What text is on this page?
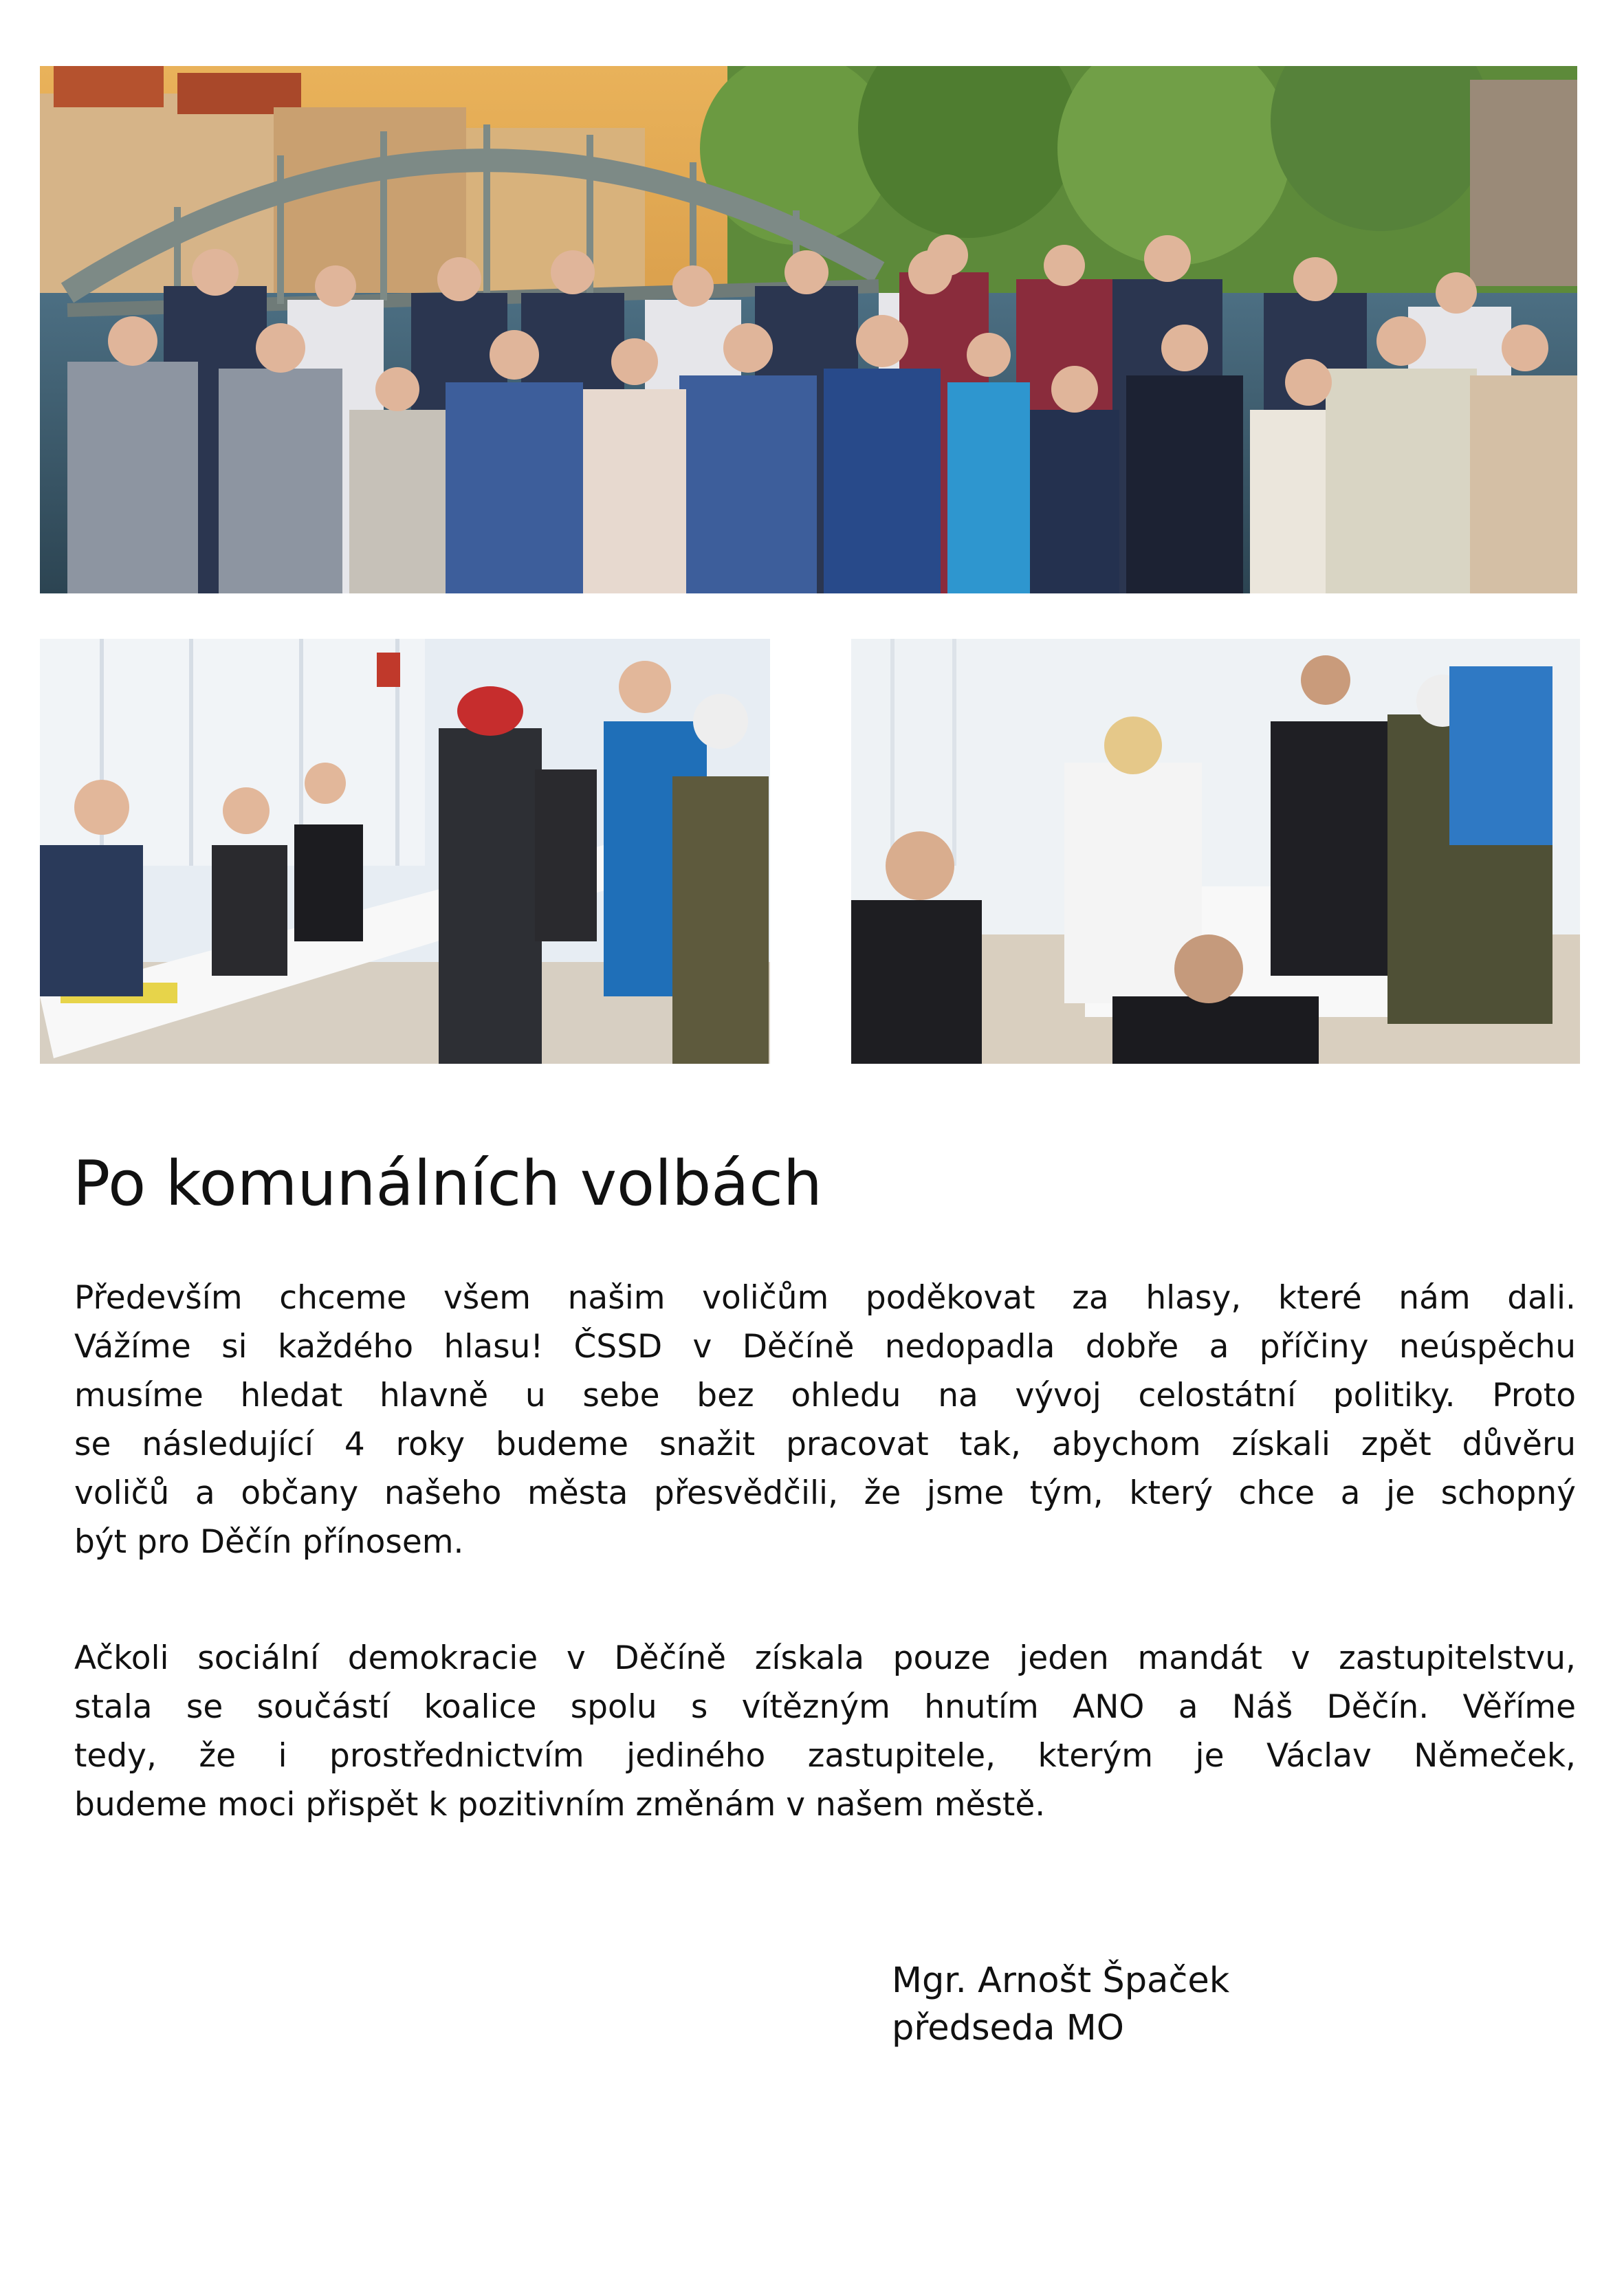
Po komunálních volbách

Především chceme všem našim voličům poděkovat za hlasy, které nám dali.
Vážíme si každého hlasu! ČSSD v Děčíně nedopadla dobře a příčiny neúspěchu
musíme hledat hlavně u sebe bez ohledu na vývoj celostátní politiky. Proto
se následující 4 roky budeme snažit pracovat tak, abychom získali zpět důvěru
voličů a občany našeho města přesvědčili, že jsme tým, který chce a je schopný
být pro Děčín přínosem.

Ačkoli sociální demokracie v Děčíně získala pouze jeden mandát v zastupitelstvu,
stala se součástí koalice spolu s vítězným hnutím ANO a Náš Děčín. Věříme
tedy, že i prostřednictvím jediného zastupitele, kterým je Václav Němeček,
budeme moci přispět k pozitivním změnám v našem městě.

Mgr. Arnošt Špaček
předseda MO
